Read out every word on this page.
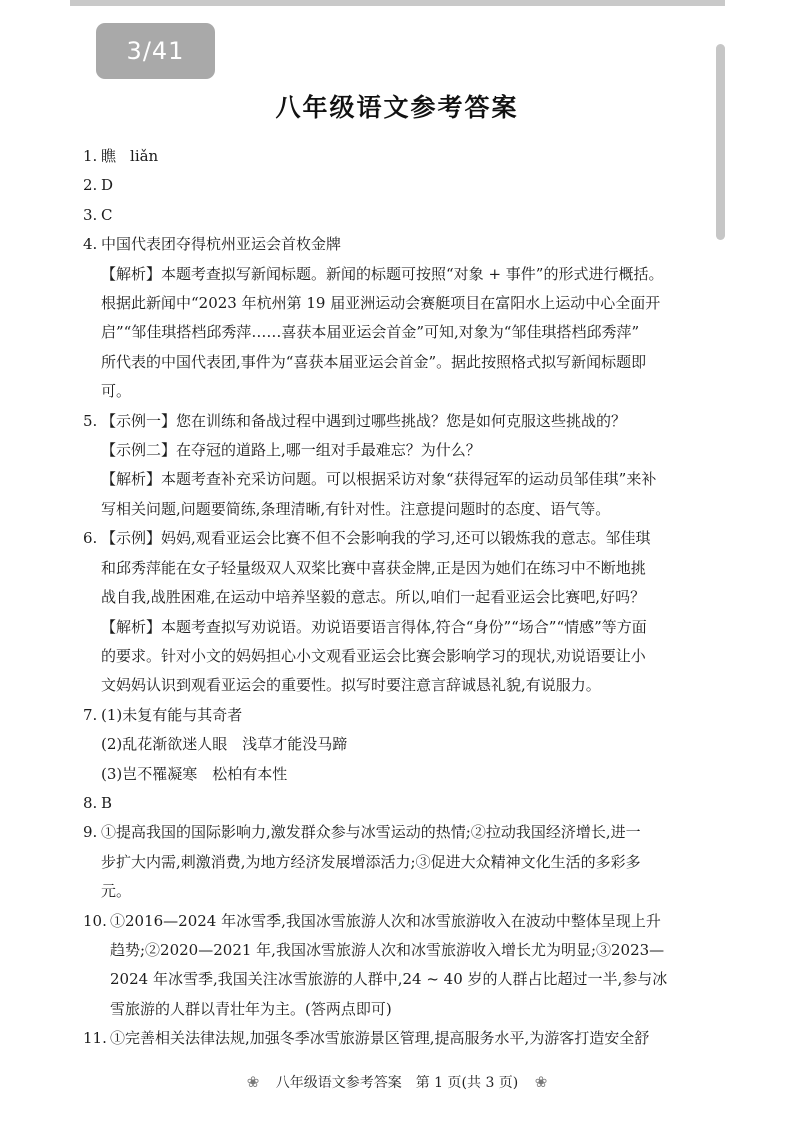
3/41
八年级语文参考答案
1. 瞧 liǎn
2. D
3. C
4. 中国代表团夺得杭州亚运会首枚金牌
【解析】本题考查拟写新闻标题。新闻的标题可按照“对象 + 事件”的形式进行概括。
根据此新闻中“2023 年杭州第 19 届亚洲运动会赛艇项目在富阳水上运动中心全面开
启”“邹佳琪搭档邱秀萍……喜获本届亚运会首金”可知,对象为“邹佳琪搭档邱秀萍”
所代表的中国代表团,事件为“喜获本届亚运会首金”。据此按照格式拟写新闻标题即
可。
5. 【示例一】您在训练和备战过程中遇到过哪些挑战？您是如何克服这些挑战的？
【示例二】在夺冠的道路上,哪一组对手最难忘？为什么？
【解析】本题考查补充采访问题。可以根据采访对象“获得冠军的运动员邹佳琪”来补
写相关问题,问题要简练,条理清晰,有针对性。注意提问题时的态度、语气等。
6. 【示例】妈妈,观看亚运会比赛不但不会影响我的学习,还可以锻炼我的意志。邹佳琪
和邱秀萍能在女子轻量级双人双桨比赛中喜获金牌,正是因为她们在练习中不断地挑
战自我,战胜困难,在运动中培养坚毅的意志。所以,咱们一起看亚运会比赛吧,好吗？
【解析】本题考查拟写劝说语。劝说语要语言得体,符合“身份”“场合”“情感”等方面
的要求。针对小文的妈妈担心小文观看亚运会比赛会影响学习的现状,劝说语要让小
文妈妈认识到观看亚运会的重要性。拟写时要注意言辞诚恳礼貌,有说服力。
7. (1)未复有能与其奇者
(2)乱花渐欲迷人眼　浅草才能没马蹄
(3)岂不罹凝寒　松柏有本性
8. B
9. ①提高我国的国际影响力,激发群众参与冰雪运动的热情;②拉动我国经济增长,进一
步扩大内需,刺激消费,为地方经济发展增添活力;③促进大众精神文化生活的多彩多
元。
10. ①2016—2024 年冰雪季,我国冰雪旅游人次和冰雪旅游收入在波动中整体呈现上升
趋势;②2020—2021 年,我国冰雪旅游人次和冰雪旅游收入增长尤为明显;③2023—
2024 年冰雪季,我国关注冰雪旅游的人群中,24 ~ 40 岁的人群占比超过一半,参与冰
雪旅游的人群以青壮年为主。(答两点即可)
11. ①完善相关法律法规,加强冬季冰雪旅游景区管理,提高服务水平,为游客打造安全舒
❀ 八年级语文参考答案　第 1 页(共 3 页) ❀
